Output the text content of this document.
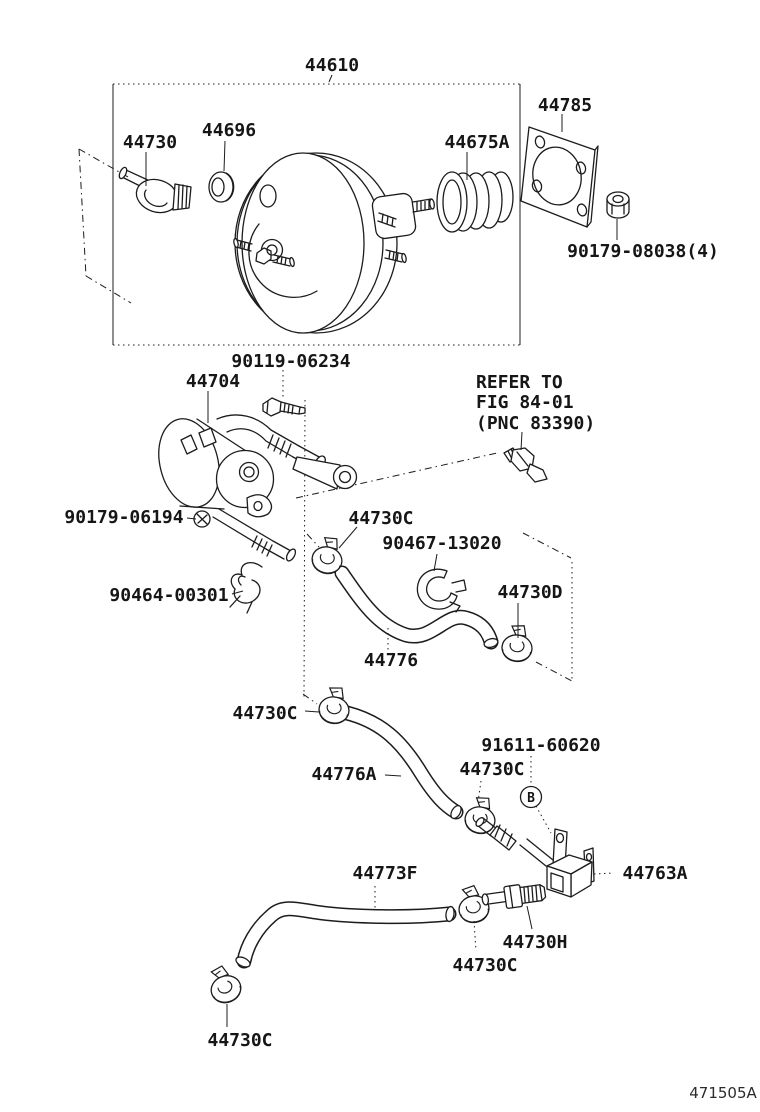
B
44610
44785
90179-08038(4)
44730
44696
44675A
90119-06234
44704	REFER TO
FIG 84-01
(PNC 83390)
90179-06194	44730C
90467-13020
90464-00301	44730D
44776
44730C
91611-60620
44776A	44730C
44773F	44763A
44730H
44730C
44730C
471505A
